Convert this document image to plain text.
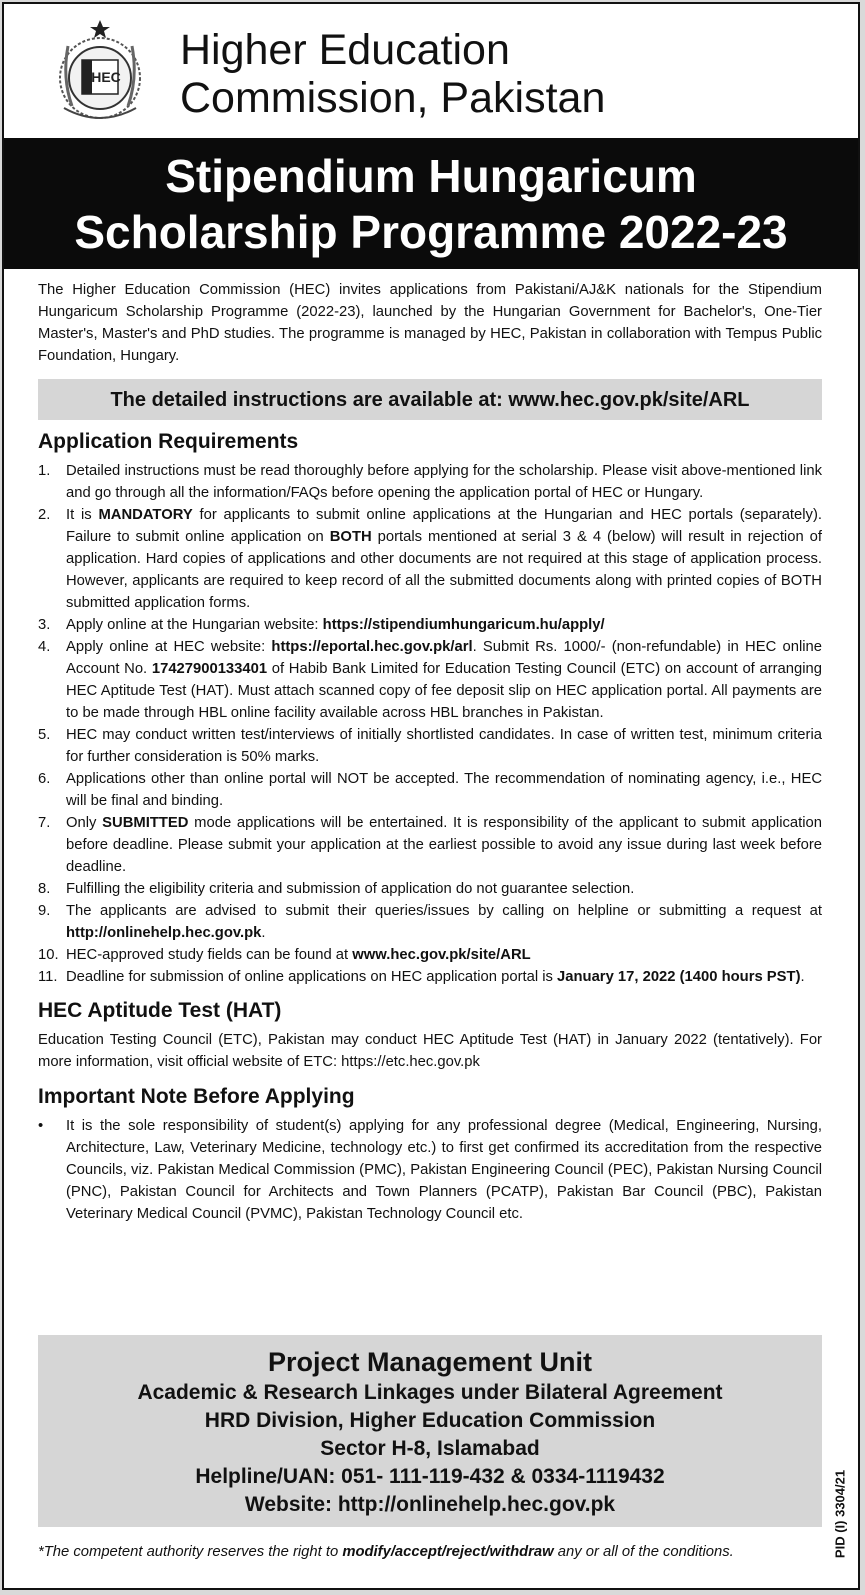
HEC
Higher Education
Commission, Pakistan
Stipendium Hungaricum
Scholarship Programme 2022-23

The Higher Education Commission (HEC) invites applications from Pakistani/AJ&K nationals for the Stipendium Hungaricum Scholarship Programme (2022-23), launched by the Hungarian Government for Bachelor's, One-Tier Master's, Master's and PhD studies. The programme is managed by HEC, Pakistan in collaboration with Tempus Public Foundation, Hungary.

The detailed instructions are available at: www.hec.gov.pk/site/ARL
Application Requirements
1. Detailed instructions must be read thoroughly before applying for the scholarship. Please visit above-mentioned link and go through all the information/FAQs before opening the application portal of HEC or Hungary.
2. It is MANDATORY for applicants to submit online applications at the Hungarian and HEC portals (separately). Failure to submit online application on BOTH portals mentioned at serial 3 & 4 (below) will result in rejection of application. Hard copies of applications and other documents are not required at this stage of application process. However, applicants are required to keep record of all the submitted documents along with printed copies of BOTH submitted application forms.
3. Apply online at the Hungarian website: https://stipendiumhungaricum.hu/apply/
4. Apply online at HEC website: https://eportal.hec.gov.pk/arl. Submit Rs. 1000/- (non-refundable) in HEC online Account No. 17427900133401 of Habib Bank Limited for Education Testing Council (ETC) on account of arranging HEC Aptitude Test (HAT). Must attach scanned copy of fee deposit slip on HEC application portal. All payments are to be made through HBL online facility available across HBL branches in Pakistan.
5. HEC may conduct written test/interviews of initially shortlisted candidates. In case of written test, minimum criteria for further consideration is 50% marks.
6. Applications other than online portal will NOT be accepted. The recommendation of nominating agency, i.e., HEC will be final and binding.
7. Only SUBMITTED mode applications will be entertained. It is responsibility of the applicant to submit application before deadline. Please submit your application at the earliest possible to avoid any issue during last week before deadline.
8. Fulfilling the eligibility criteria and submission of application do not guarantee selection.
9. The applicants are advised to submit their queries/issues by calling on helpline or submitting a request at http://onlinehelp.hec.gov.pk.
10. HEC-approved study fields can be found at www.hec.gov.pk/site/ARL
11. Deadline for submission of online applications on HEC application portal is January 17, 2022 (1400 hours PST).
HEC Aptitude Test (HAT)

Education Testing Council (ETC), Pakistan may conduct HEC Aptitude Test (HAT) in January 2022 (tentatively). For more information, visit official website of ETC: https://etc.hec.gov.pk

Important Note Before Applying
• It is the sole responsibility of student(s) applying for any professional degree (Medical, Engineering, Nursing, Architecture, Law, Veterinary Medicine, technology etc.) to first get confirmed its accreditation from the respective Councils, viz. Pakistan Medical Commission (PMC), Pakistan Engineering Council (PEC), Pakistan Nursing Council (PNC), Pakistan Council for Architects and Town Planners (PCATP), Pakistan Bar Council (PBC), Pakistan Veterinary Medical Council (PVMC), Pakistan Technology Council etc.
Project Management Unit
Academic & Research Linkages under Bilateral Agreement
HRD Division, Higher Education Commission
Sector H-8, Islamabad
Helpline/UAN: 051- 111-119-432 & 0334-1119432
Website: http://onlinehelp.hec.gov.pk
*The competent authority reserves the right to modify/accept/reject/withdraw any or all of the conditions.	PID (I) 3304/21
